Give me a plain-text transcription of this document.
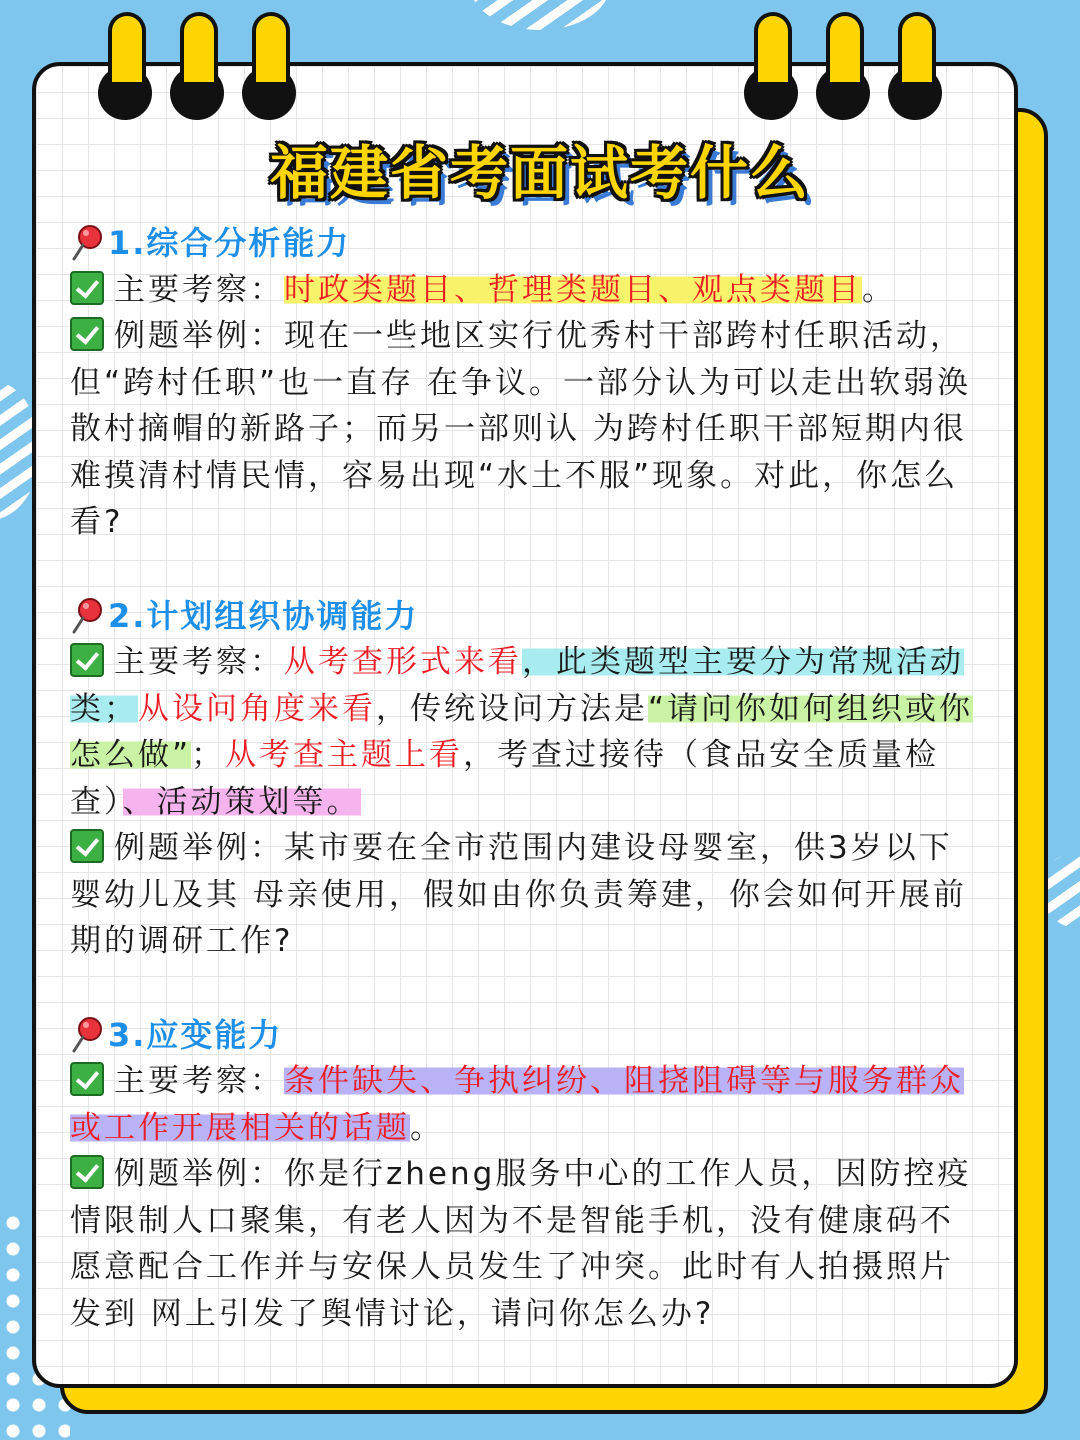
福建省考面试考什么
1.综合分析能力
主要考察：时政类题目、哲理类题目、观点类题目。
例题举例：现在一些地区实行优秀村干部跨村任职活动，但“跨村任职”也一直存 在争议。一部分认为可以走出软弱涣散村摘帽的新路子；而另一部则认 为跨村任职干部短期内很难摸清村情民情，容易出现“水土不服”现象。对此，你怎么看?
2.计划组织协调能力
主要考察：从考查形式来看，此类题型主要分为常规活动类；从设问角度来看，传统设问方法是“请问你如何组织或你怎么做”；从考查主题上看，考查过接待（食品安全质量检查）、活动策划等。
例题举例：某市要在全市范围内建设母婴室，供3岁以下婴幼儿及其 母亲使用，假如由你负责筹建，你会如何开展前期的调研工作?
3.应变能力
主要考察：条件缺失、争执纠纷、阻挠阻碍等与服务群众或工作开展相关的话题。
例题举例：你是行zheng服务中心的工作人员，因防控疫情限制人口聚集，有老人因为不是智能手机，没有健康码不愿意配合工作并与安保人员发生了冲突。此时有人拍摄照片发到 网上引发了舆情讨论，请问你怎么办?
